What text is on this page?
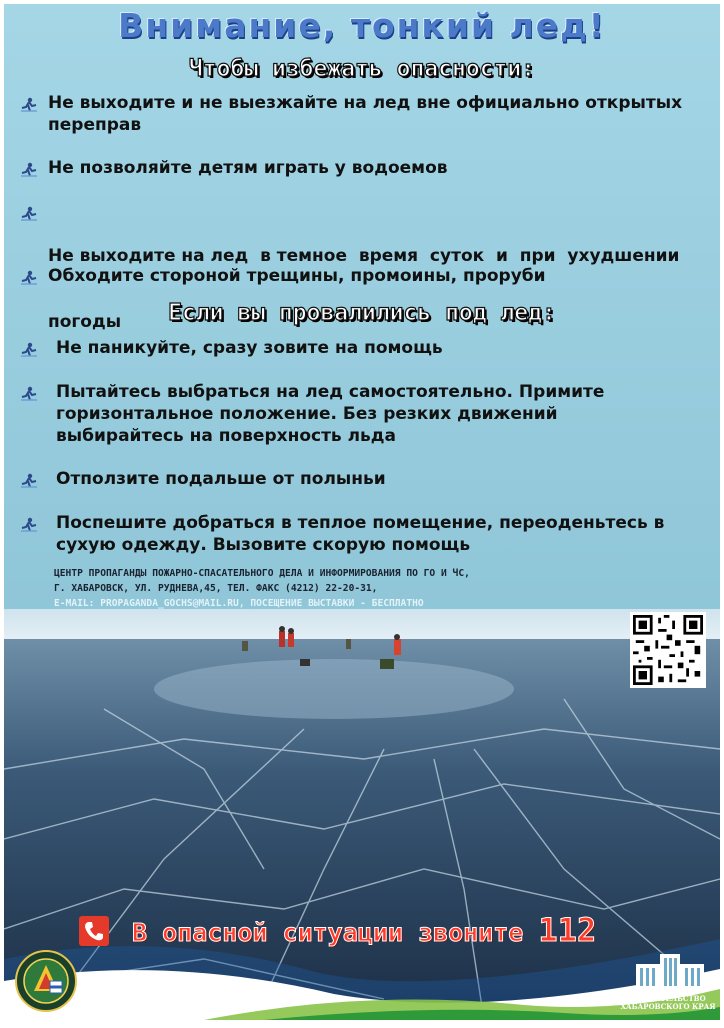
Внимание, тонкий лед!
Чтобы избежать опасности:
Не выходите и не выезжайте на лед вне официально открытых
переправ
Не позволяйте детям играть у водоемов

Не выходите на лед  в темное  время  суток  и  при  ухудшении

погоды

Обходите стороной трещины, промоины, проруби
Если вы провалились под лед:
Не паникуйте, сразу зовите на помощь
Пытайтесь выбраться на лед самостоятельно. Примите
горизонтальное положение. Без резких движений
выбирайтесь на поверхность льда
Отползите подальше от полыньи
Поспешите добраться в теплое помещение, переоденьтесь в
сухую одежду. Вызовите скорую помощь
ЦЕНТР ПРОПАГАНДЫ ПОЖАРНО-СПАСАТЕЛЬНОГО ДЕЛА И ИНФОРМИРОВАНИЯ ПО ГО И ЧС,
Г. ХАБАРОВСК, УЛ. РУДНЕВА,45, ТЕЛ. ФАКС (4212) 22-20-31,
E-MAIL: PROPAGANDA_GOCHS@MAIL.RU, ПОСЕЩЕНИЕ ВЫСТАВКИ - БЕСПЛАТНО
В опасной ситуации звоните 112
ПРАВИТЕЛЬСТВО
ХАБАРОВСКОГО КРАЯ
